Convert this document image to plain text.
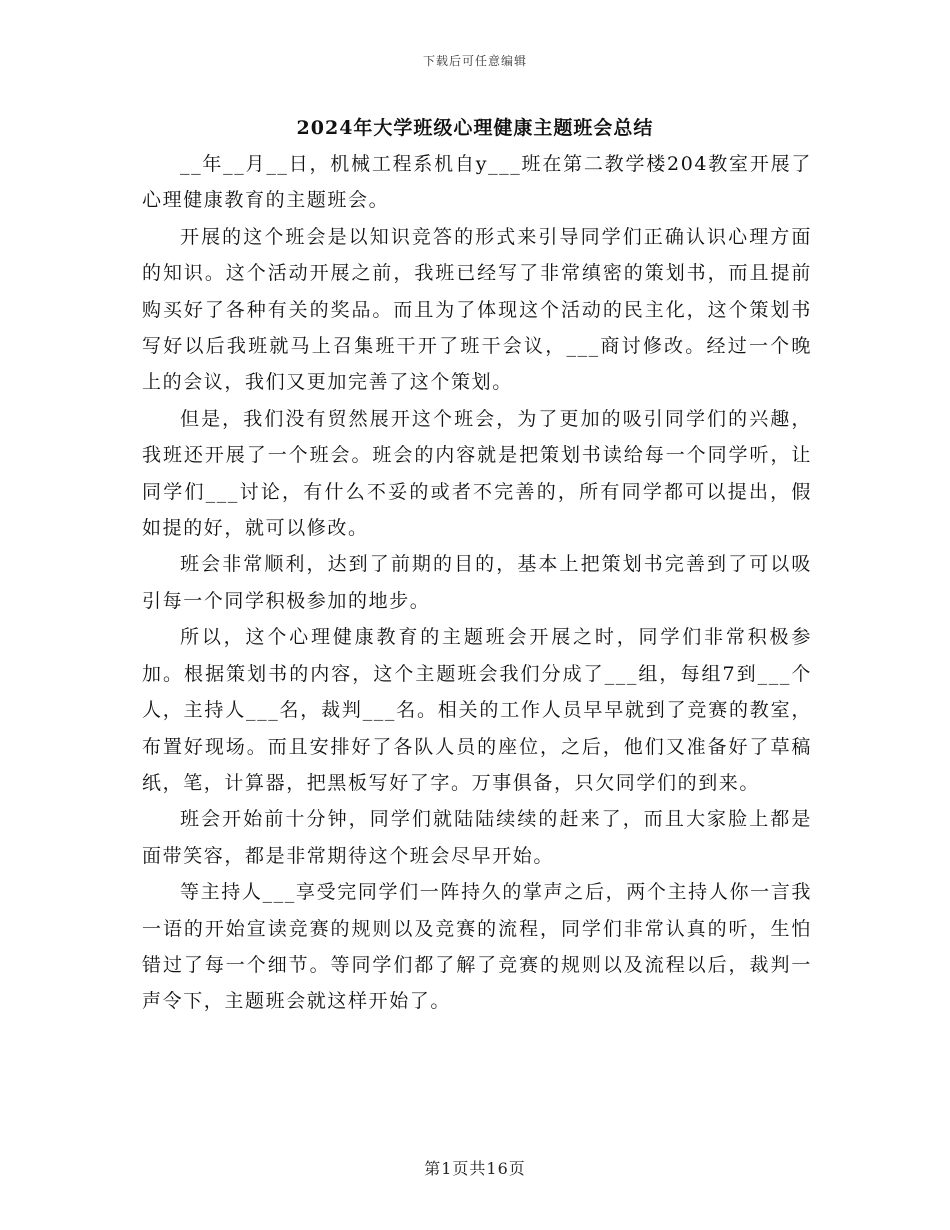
下载后可任意编辑
2024年大学班级心理健康主题班会总结

__年__月__日，机械工程系机自y___班在第二教学楼204教室开展了心理健康教育的主题班会。

开展的这个班会是以知识竞答的形式来引导同学们正确认识心理方面的知识。这个活动开展之前，我班已经写了非常缜密的策划书，而且提前购买好了各种有关的奖品。而且为了体现这个活动的民主化，这个策划书写好以后我班就马上召集班干开了班干会议，___商讨修改。经过一个晚上的会议，我们又更加完善了这个策划。

但是，我们没有贸然展开这个班会，为了更加的吸引同学们的兴趣，我班还开展了一个班会。班会的内容就是把策划书读给每一个同学听，让同学们___讨论，有什么不妥的或者不完善的，所有同学都可以提出，假如提的好，就可以修改。

班会非常顺利，达到了前期的目的，基本上把策划书完善到了可以吸引每一个同学积极参加的地步。

所以，这个心理健康教育的主题班会开展之时，同学们非常积极参加。根据策划书的内容，这个主题班会我们分成了___组，每组7到___个人，主持人___名，裁判___名。相关的工作人员早早就到了竞赛的教室，布置好现场。而且安排好了各队人员的座位，之后，他们又准备好了草稿纸，笔，计算器，把黑板写好了字。万事俱备，只欠同学们的到来。

班会开始前十分钟，同学们就陆陆续续的赶来了，而且大家脸上都是面带笑容，都是非常期待这个班会尽早开始。

等主持人___享受完同学们一阵持久的掌声之后，两个主持人你一言我一语的开始宣读竞赛的规则以及竞赛的流程，同学们非常认真的听，生怕错过了每一个细节。等同学们都了解了竞赛的规则以及流程以后，裁判一声令下，主题班会就这样开始了。

第1页共16页
